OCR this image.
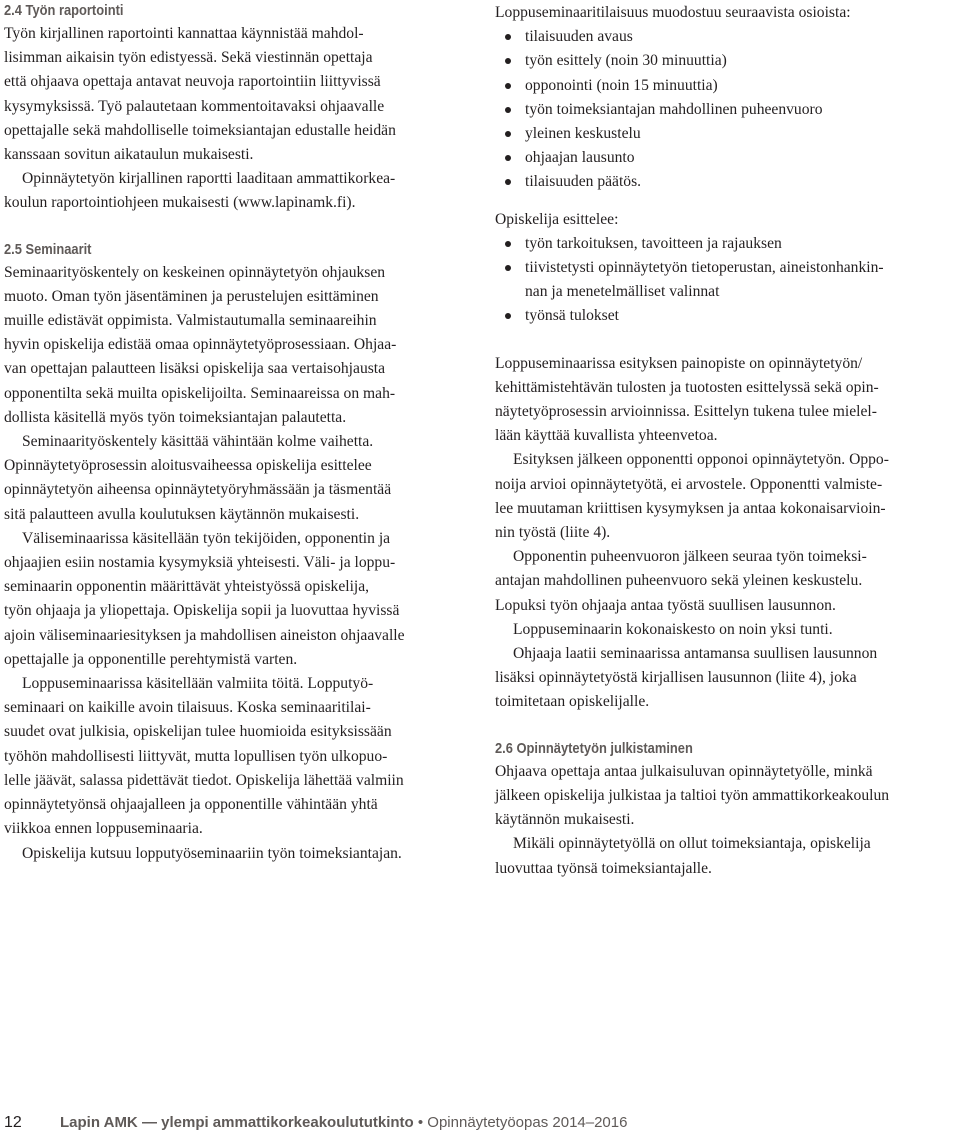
2.4 Työn raportointi
Työn kirjallinen raportointi kannattaa käynnistää mahdol-
lisimman aikaisin työn edistyessä. Sekä viestinnän opettaja
että ohjaava opettaja antavat neuvoja raportointiin liittyvissä
kysymyksissä. Työ palautetaan kommentoitavaksi ohjaavalle
opettajalle sekä mahdolliselle toimeksiantajan edustalle heidän
kanssaan sovitun aikataulun mukaisesti.
Opinnäytetyön kirjallinen raportti laaditaan ammattikorkea-
koulun raportointiohjeen mukaisesti (www.lapinamk.fi).
2.5 Seminaarit
Seminaarityöskentely on keskeinen opinnäytetyön ohjauksen
muoto. Oman työn jäsentäminen ja perustelujen esittäminen
muille edistävät oppimista. Valmistautumalla seminaareihin
hyvin opiskelija edistää omaa opinnäytetyöprosessiaan. Ohjaa-
van opettajan palautteen lisäksi opiskelija saa vertaisohjausta
opponentilta sekä muilta opiskelijoilta. Seminaareissa on mah-
dollista käsitellä myös työn toimeksiantajan palautetta.
Seminaarityöskentely käsittää vähintään kolme vaihetta.
Opinnäytetyöprosessin aloitusvaiheessa opiskelija esittelee
opinnäytetyön aiheensa opinnäytetyöryhmässään ja täsmentää
sitä palautteen avulla koulutuksen käytännön mukaisesti.
Väliseminaarissa käsitellään työn tekijöiden, opponentin ja
ohjaajien esiin nostamia kysymyksiä yhteisesti. Väli- ja loppu-
seminaarin opponentin määrittävät yhteistyössä opiskelija,
työn ohjaaja ja yliopettaja. Opiskelija sopii ja luovuttaa hyvissä
ajoin väliseminaariesityksen ja mahdollisen aineiston ohjaavalle
opettajalle ja opponentille perehtymistä varten.
Loppuseminaarissa käsitellään valmiita töitä. Lopputyö-
seminaari on kaikille avoin tilaisuus. Koska seminaaritilai-
suudet ovat julkisia, opiskelijan tulee huomioida esityksissään
työhön mahdollisesti liittyvät, mutta lopullisen työn ulkopuo-
lelle jäävät, salassa pidettävät tiedot. Opiskelija lähettää valmiin
opinnäytetyönsä ohjaajalleen ja opponentille vähintään yhtä
viikkoa ennen loppuseminaaria.
Opiskelija kutsuu lopputyöseminaariin työn toimeksiantajan.
Loppuseminaaritilaisuus muodostuu seuraavista osioista:
tilaisuuden avaus
työn esittely (noin 30 minuuttia)
opponointi (noin 15 minuuttia)
työn toimeksiantajan mahdollinen puheenvuoro
yleinen keskustelu
ohjaajan lausunto
tilaisuuden päätös.
Opiskelija esittelee:
työn tarkoituksen, tavoitteen ja rajauksen
tiivistetysti opinnäytetyön tietoperustan, aineistonhankin-
nan ja menetelmälliset valinnat
työnsä tulokset
Loppuseminaarissa esityksen painopiste on opinnäytetyön/
kehittämistehtävän tulosten ja tuotosten esittelyssä sekä opin-
näytetyöprosessin arvioinnissa. Esittelyn tukena tulee mielel-
lään käyttää kuvallista yhteenvetoa.
Esityksen jälkeen opponentti opponoi opinnäytetyön. Oppo-
noija arvioi opinnäytetyötä, ei arvostele. Opponentti valmiste-
lee muutaman kriittisen kysymyksen ja antaa kokonaisarvioin-
nin työstä (liite 4).
Opponentin puheenvuoron jälkeen seuraa työn toimeksi-
antajan mahdollinen puheenvuoro sekä yleinen keskustelu.
Lopuksi työn ohjaaja antaa työstä suullisen lausunnon.
Loppuseminaarin kokonaiskesto on noin yksi tunti.
Ohjaaja laatii seminaarissa antamansa suullisen lausunnon
lisäksi opinnäytetyöstä kirjallisen lausunnon (liite 4), joka
toimitetaan opiskelijalle.
2.6 Opinnäytetyön julkistaminen
Ohjaava opettaja antaa julkaisuluvan opinnäytetyölle, minkä
jälkeen opiskelija julkistaa ja taltioi työn ammattikorkeakoulun
käytännön mukaisesti.
Mikäli opinnäytetyöllä on ollut toimeksiantaja, opiskelija
luovuttaa työnsä toimeksiantajalle.
12	Lapin AMK — ylempi ammattikorkeakoulututkinto • Opinnäytetyöopas 2014–2016
